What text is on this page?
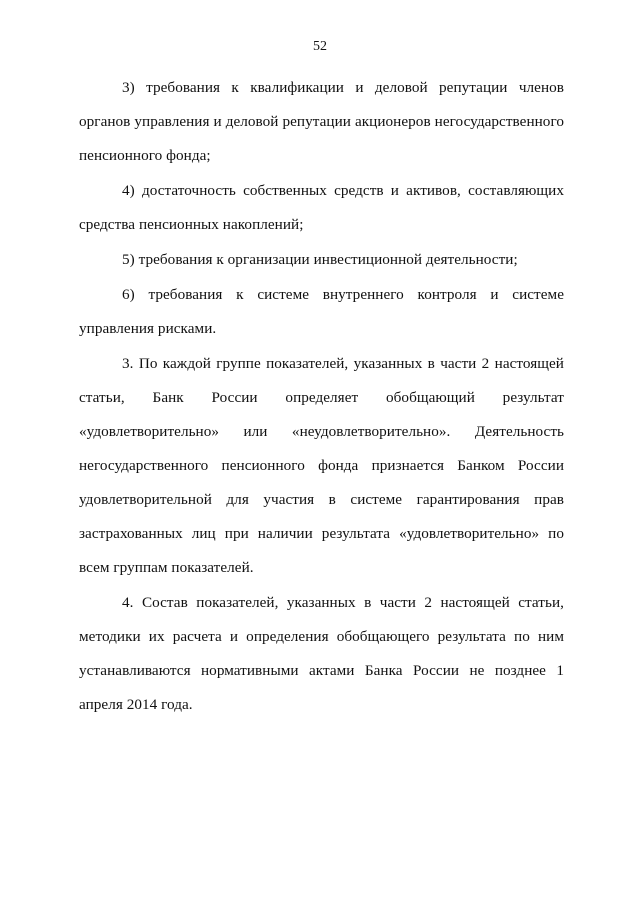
52

3) требования к квалификации и деловой репутации членов органов управления и деловой репутации акционеров негосударственного пенсионного фонда;

4) достаточность собственных средств и активов, составляющих средства пенсионных накоплений;

5) требования к организации инвестиционной деятельности;

6) требования к системе внутреннего контроля и системе управления рисками.

3. По каждой группе показателей, указанных в части 2 настоящей статьи, Банк России определяет обобщающий результат «удовлетворительно» или «неудовлетворительно». Деятельность негосударственного пенсионного фонда признается Банком России удовлетворительной для участия в системе гарантирования прав застрахованных лиц при наличии результата «удовлетворительно» по всем группам показателей.

4. Состав показателей, указанных в части 2 настоящей статьи, методики их расчета и определения обобщающего результата по ним устанавливаются нормативными актами Банка России не позднее 1 апреля 2014 года.
